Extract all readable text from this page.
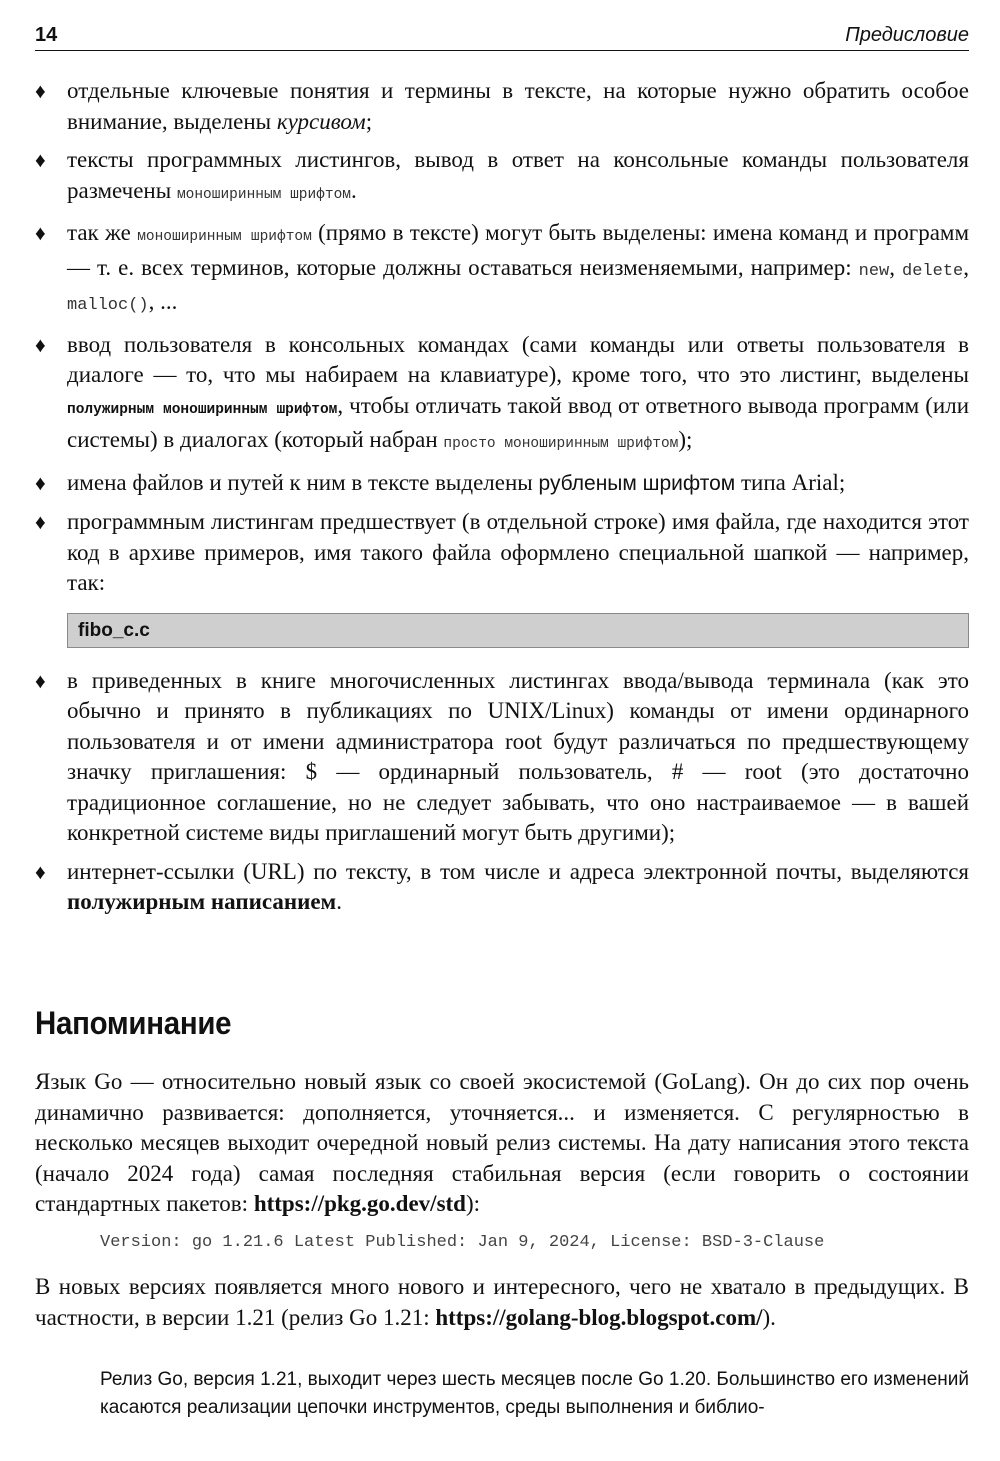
14	Предисловие
♦ отдельные ключевые понятия и термины в тексте, на которые нужно обратить особое внимание, выделены курсивом;
♦ тексты программных листингов, вывод в ответ на консольные команды пользователя размечены моноширинным шрифтом.
♦ так же моноширинным шрифтом (прямо в тексте) могут быть выделены: имена команд и программ — т. е. всех терминов, которые должны оставаться неизменяемыми, например: new, delete, malloc(), ...
♦ ввод пользователя в консольных командах (сами команды или ответы пользователя в диалоге — то, что мы набираем на клавиатуре), кроме того, что это листинг, выделены полужирным моноширинным шрифтом, чтобы отличать такой ввод от ответного вывода программ (или системы) в диалогах (который набран просто моноширинным шрифтом);
♦ имена файлов и путей к ним в тексте выделены рубленым шрифтом типа Arial;
♦ программным листингам предшествует (в отдельной строке) имя файла, где находится этот код в архиве примеров, имя такого файла оформлено специальной шапкой — например, так:
fibo_c.c
♦ в приведенных в книге многочисленных листингах ввода/вывода терминала (как это обычно и принято в публикациях по UNIX/Linux) команды от имени ординарного пользователя и от имени администратора root будут различаться по предшествующему значку приглашения: $ — ординарный пользователь, # — root (это достаточно традиционное соглашение, но не следует забывать, что оно настраиваемое — в вашей конкретной системе виды приглашений могут быть другими);
♦ интернет-ссылки (URL) по тексту, в том числе и адреса электронной почты, выделяются полужирным написанием.
Напоминание
Язык Go — относительно новый язык со своей экосистемой (GoLang). Он до сих пор очень динамично развивается: дополняется, уточняется... и изменяется. С регулярностью в несколько месяцев выходит очередной новый релиз системы. На дату написания этого текста (начало 2024 года) самая последняя стабильная версия (если говорить о состоянии стандартных пакетов: https://pkg.go.dev/std):
Version: go 1.21.6 Latest Published: Jan 9, 2024, License: BSD-3-Clause
В новых версиях появляется много нового и интересного, чего не хватало в предыдущих. В частности, в версии 1.21 (релиз Go 1.21: https://golang-blog.blogspot.com/).
Релиз Go, версия 1.21, выходит через шесть месяцев после Go 1.20. Большинство его изменений касаются реализации цепочки инструментов, среды выполнения и библио-
